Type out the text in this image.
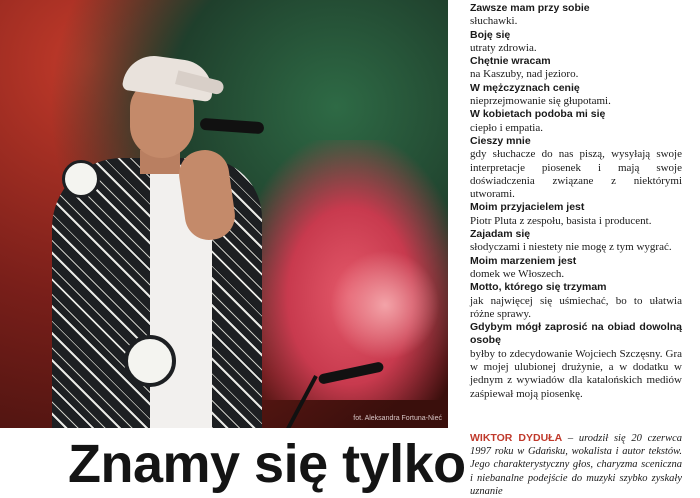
fot. Aleksandra Fortuna-Nieć

Zawsze mam przy sobie

słuchawki.

Boję się

utraty zdrowia.

Chętnie wracam

na Kaszuby, nad jezioro.

W mężczyznach cenię

nieprzejmowanie się głupotami.

W kobietach podoba mi się

ciepło i empatia.

Cieszy mnie

gdy słuchacze do nas piszą, wysyłają swoje interpretacje piosenek i mają swoje doświadczenia związane z niektórymi utworami.

Moim przyjacielem jest

Piotr Pluta z zespołu, basista i producent.

Zajadam się

słodyczami i niestety nie mogę z tym wygrać.

Moim marzeniem jest

domek we Włoszech.

Motto, którego się trzymam

jak najwięcej się uśmiechać, bo to ułatwia różne sprawy.

Gdybym mógł zaprosić na obiad dowolną osobę

byłby to zdecydowanie Wojciech Szczęsny. Gra w mojej ulubionej drużynie, a w dodatku w jednym z wywiadów dla katalońskich mediów zaśpiewał moją piosenkę.

Znamy się tylko WIKTOR DYDUŁA – urodził się 20 czerwca 1997 roku w Gdańsku, wokalista i autor tekstów. Jego charakterystyczny głos, charyzma sceniczna i niebanalne podejście do muzyki szybko zyskały uznanie
